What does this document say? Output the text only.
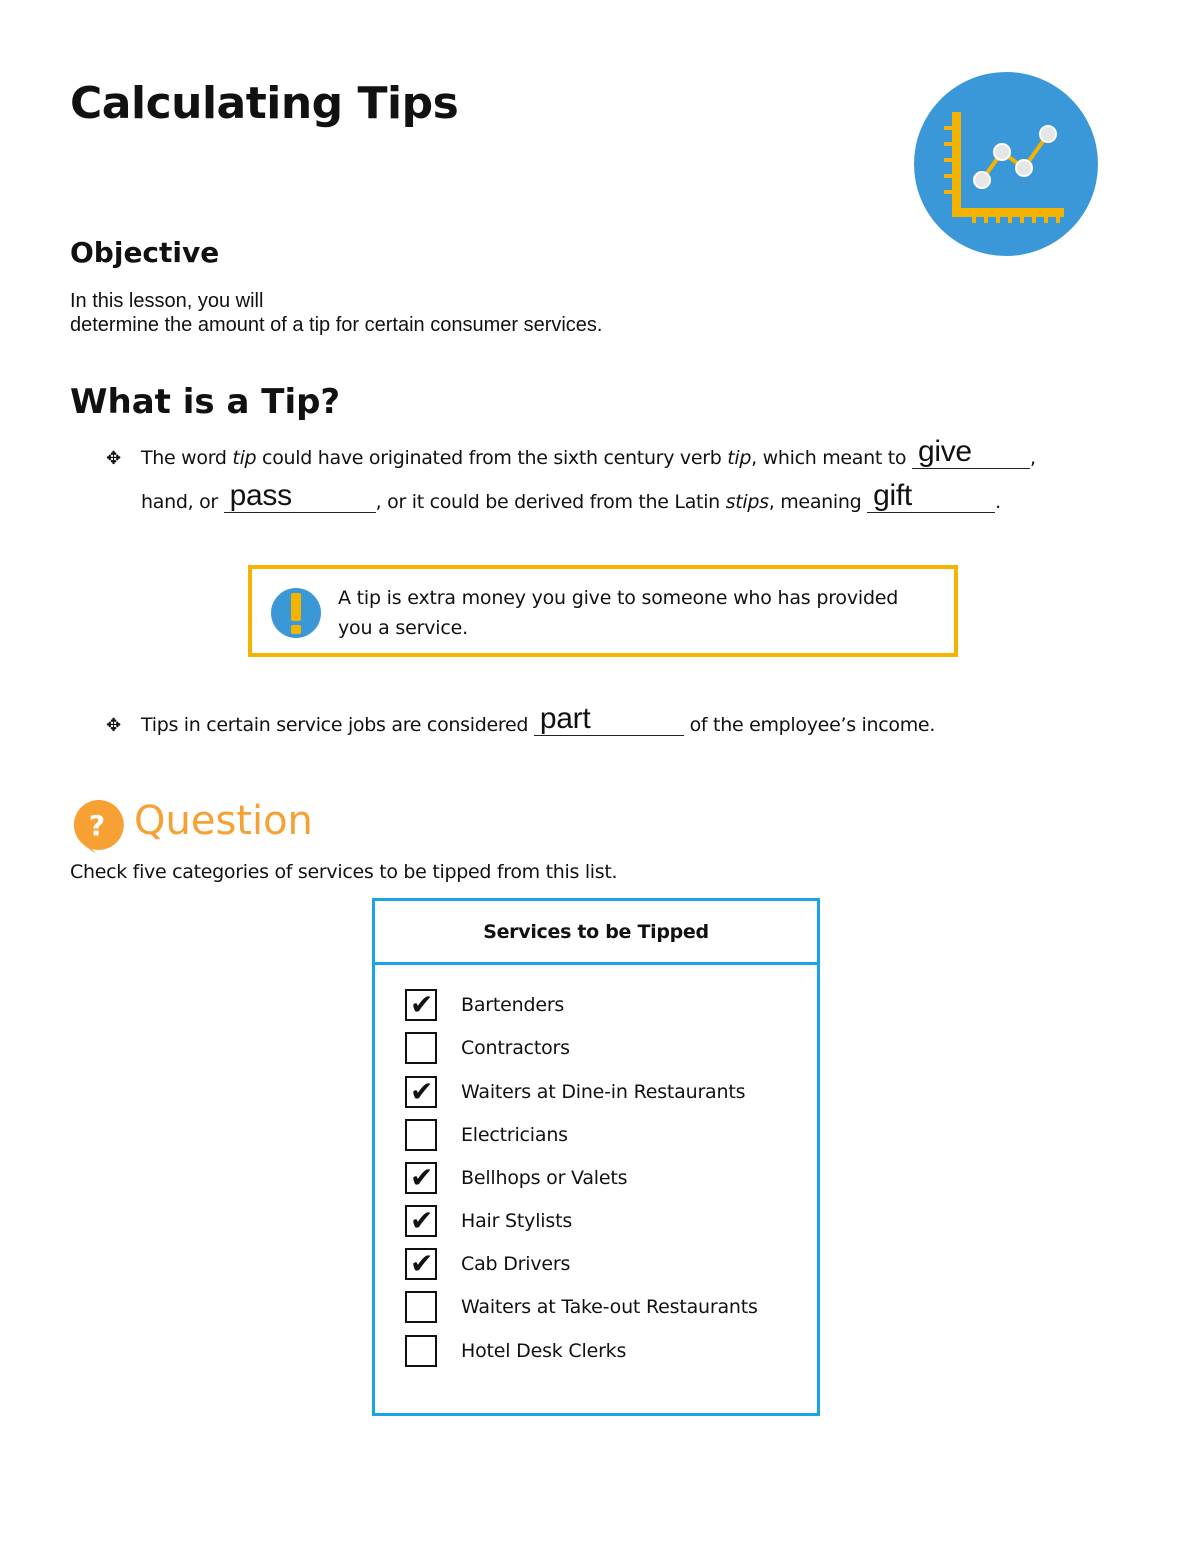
Calculating Tips
Objective
In this lesson, you will
determine the amount of a tip for certain consumer services.
What is a Tip?
✥ The word tip could have originated from the sixth century verb tip, which meant to give	,
hand, or pass	, or it could be derived from the Latin stips, meaning gift	.
A tip is extra money you give to someone who has provided you a service.
✥ Tips in certain service jobs are considered part	of the employee’s income.
? Question
Check five categories of services to be tipped from this list.
Services to be Tipped
✔ Bartenders
Contractors
✔ Waiters at Dine-in Restaurants
Electricians
✔ Bellhops or Valets
✔ Hair Stylists
✔ Cab Drivers
Waiters at Take-out Restaurants
Hotel Desk Clerks
